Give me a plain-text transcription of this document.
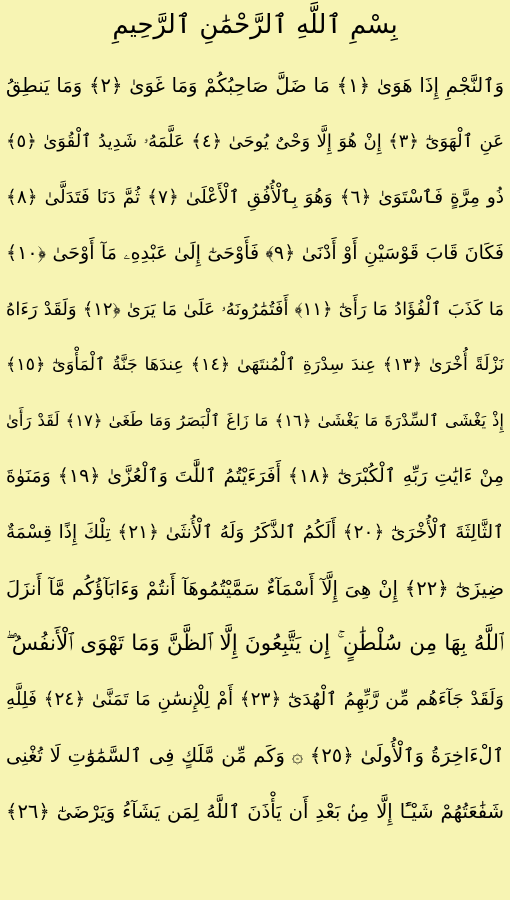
بِسْمِ ٱللَّهِ ٱلرَّحْمَٰنِ ٱلرَّحِيمِ
وَٱلنَّجْمِ إِذَا هَوَىٰ ﴿١﴾ مَا ضَلَّ صَاحِبُكُمْ وَمَا غَوَىٰ ﴿٢﴾ وَمَا يَنطِقُ
عَنِ ٱلْهَوَىٰٓ ﴿٣﴾ إِنْ هُوَ إِلَّا وَحْىٌ يُوحَىٰ ﴿٤﴾ عَلَّمَهُۥ شَدِيدُ ٱلْقُوَىٰ ﴿٥﴾
ذُو مِرَّةٍ فَٱسْتَوَىٰ ﴿٦﴾ وَهُوَ بِٱلْأُفُقِ ٱلْأَعْلَىٰ ﴿٧﴾ ثُمَّ دَنَا فَتَدَلَّىٰ ﴿٨﴾
فَكَانَ قَابَ قَوْسَيْنِ أَوْ أَدْنَىٰ ﴿٩﴾ فَأَوْحَىٰٓ إِلَىٰ عَبْدِهِۦ مَآ أَوْحَىٰ ﴿١٠﴾
مَا كَذَبَ ٱلْفُؤَادُ مَا رَأَىٰٓ ﴿١١﴾ أَفَتُمَٰرُونَهُۥ عَلَىٰ مَا يَرَىٰ ﴿١٢﴾ وَلَقَدْ رَءَاهُ
نَزْلَةً أُخْرَىٰ ﴿١٣﴾ عِندَ سِدْرَةِ ٱلْمُنتَهَىٰ ﴿١٤﴾ عِندَهَا جَنَّةُ ٱلْمَأْوَىٰٓ ﴿١٥﴾
إِذْ يَغْشَى ٱلسِّدْرَةَ مَا يَغْشَىٰ ﴿١٦﴾ مَا زَاغَ ٱلْبَصَرُ وَمَا طَغَىٰ ﴿١٧﴾ لَقَدْ رَأَىٰ
مِنْ ءَايَٰتِ رَبِّهِ ٱلْكُبْرَىٰٓ ﴿١٨﴾ أَفَرَءَيْتُمُ ٱللَّٰتَ وَٱلْعُزَّىٰ ﴿١٩﴾ وَمَنَوٰةَ
ٱلثَّالِثَةَ ٱلْأُخْرَىٰٓ ﴿٢٠﴾ أَلَكُمُ ٱلذَّكَرُ وَلَهُ ٱلْأُنثَىٰ ﴿٢١﴾ تِلْكَ إِذًا قِسْمَةٌ
ضِيزَىٰٓ ﴿٢٢﴾ إِنْ هِىَ إِلَّآ أَسْمَآءٌ سَمَّيْتُمُوهَآ أَنتُمْ وَءَابَآؤُكُم مَّآ أَنزَلَ
ٱللَّهُ بِهَا مِن سُلْطَٰنٍ ۚ إِن يَتَّبِعُونَ إِلَّا ٱلظَّنَّ وَمَا تَهْوَى ٱلْأَنفُسُ ۖ
وَلَقَدْ جَآءَهُم مِّن رَّبِّهِمُ ٱلْهُدَىٰٓ ﴿٢٣﴾ أَمْ لِلْإِنسَٰنِ مَا تَمَنَّىٰ ﴿٢٤﴾ فَلِلَّهِ
ٱلْءَاخِرَةُ وَٱلْأُولَىٰ ﴿٢٥﴾ ۞ وَكَم مِّن مَّلَكٍ فِى ٱلسَّمَٰوَٰتِ لَا تُغْنِى
شَفَٰعَتُهُمْ شَيْـًٔا إِلَّا مِنۢ بَعْدِ أَن يَأْذَنَ ٱللَّهُ لِمَن يَشَآءُ وَيَرْضَىٰٓ ﴿٢٦﴾
